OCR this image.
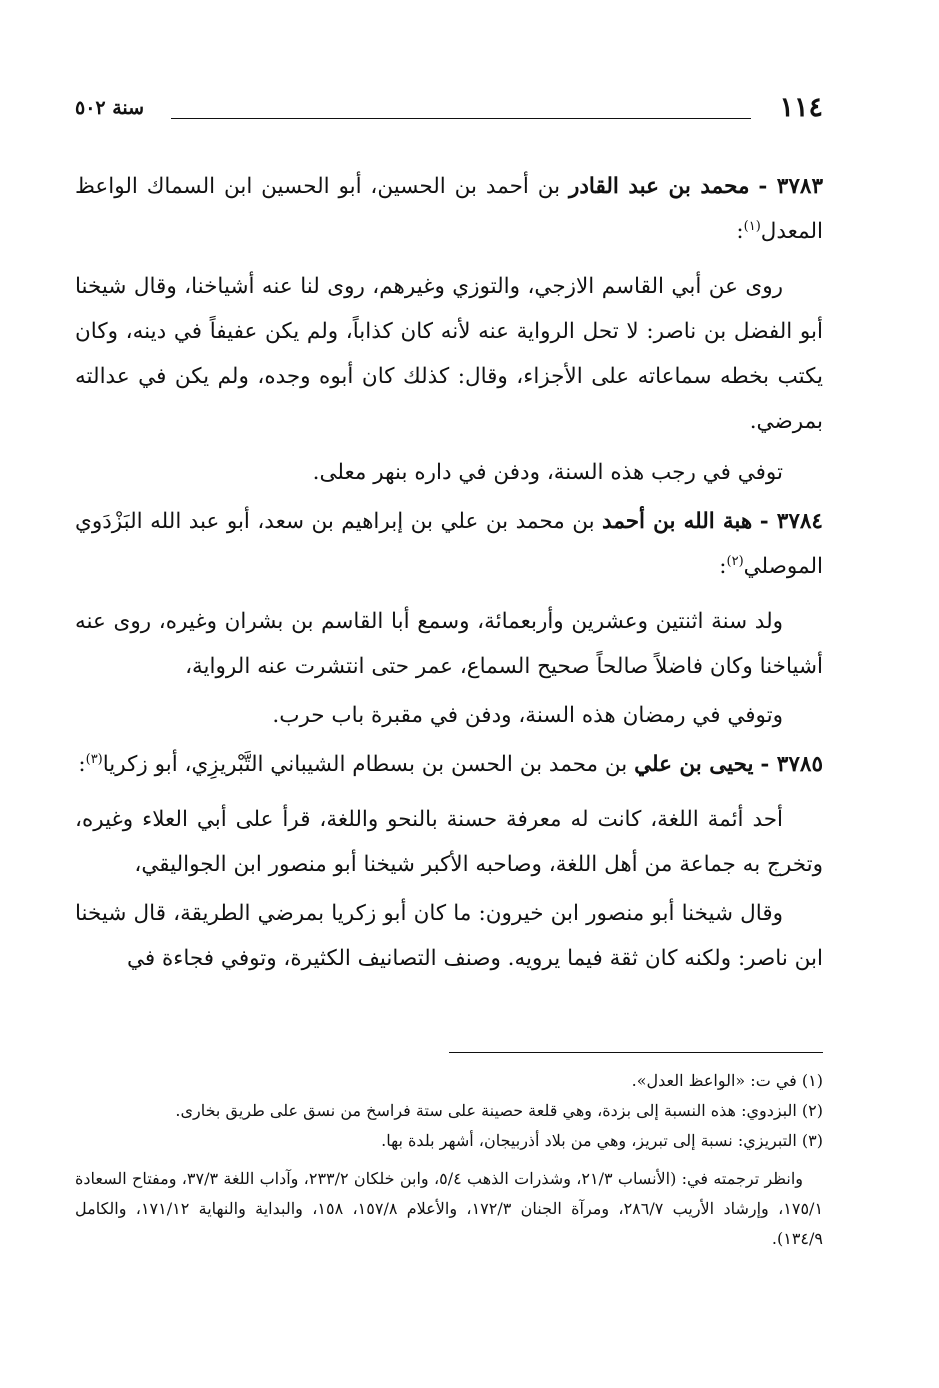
١١٤
سنة ٥٠٢

٣٧٨٣ - محمد بن عبد القادر بن أحمد بن الحسين، أبو الحسين ابن السماك الواعظ المعدل$^{(١)}$:

روى عن أبي القاسم الازجي، والتوزي وغيرهم، روى لنا عنه أشياخنا، وقال شيخنا أبو الفضل بن ناصر: لا تحل الرواية عنه لأنه كان كذاباً، ولم يكن عفيفاً في دينه، وكان يكتب بخطه سماعاته على الأجزاء، وقال: كذلك كان أبوه وجده، ولم يكن في عدالته بمرضي.

توفي في رجب هذه السنة، ودفن في داره بنهر معلى.

٣٧٨٤ - هبة الله بن أحمد بن محمد بن علي بن إبراهيم بن سعد، أبو عبد الله البَزْدَوي الموصلي$^{(٢)}$:

ولد سنة اثنتين وعشرين وأربعمائة، وسمع أبا القاسم بن بشران وغيره، روى عنه أشياخنا وكان فاضلاً صالحاً صحيح السماع، عمر حتى انتشرت عنه الرواية،

وتوفي في رمضان هذه السنة، ودفن في مقبرة باب حرب.

٣٧٨٥ - يحيى بن علي بن محمد بن الحسن بن بسطام الشيباني التَّبْريزِي، أبو زكريا$^{(٣)}$:

أحد أئمة اللغة، كانت له معرفة حسنة بالنحو واللغة، قرأ على أبي العلاء وغيره، وتخرج به جماعة من أهل اللغة، وصاحبه الأكبر شيخنا أبو منصور ابن الجواليقي،

وقال شيخنا أبو منصور ابن خيرون: ما كان أبو زكريا بمرضي الطريقة، قال شيخنا ابن ناصر: ولكنه كان ثقة فيما يرويه. وصنف التصانيف الكثيرة، وتوفي فجاءة في

(١) في ت: «الواعظ العدل».

(٢) البزدوي: هذه النسبة إلى بزدة، وهي قلعة حصينة على ستة فراسخ من نسق على طريق بخارى.

(٣) التبريزي: نسبة إلى تبريز، وهي من بلاد أذربيجان، أشهر بلدة بها.

وانظر ترجمته في: (الأنساب ٢١/٣، وشذرات الذهب ٥/٤، وابن خلكان ٢٣٣/٢، وآداب اللغة ٣٧/٣، ومفتاح السعادة ١٧٥/١، وإرشاد الأريب ٢٨٦/٧، ومرآة الجنان ١٧٢/٣، والأعلام ١٥٧/٨، ١٥٨، والبداية والنهاية ١٧١/١٢، والكامل ١٣٤/٩).
